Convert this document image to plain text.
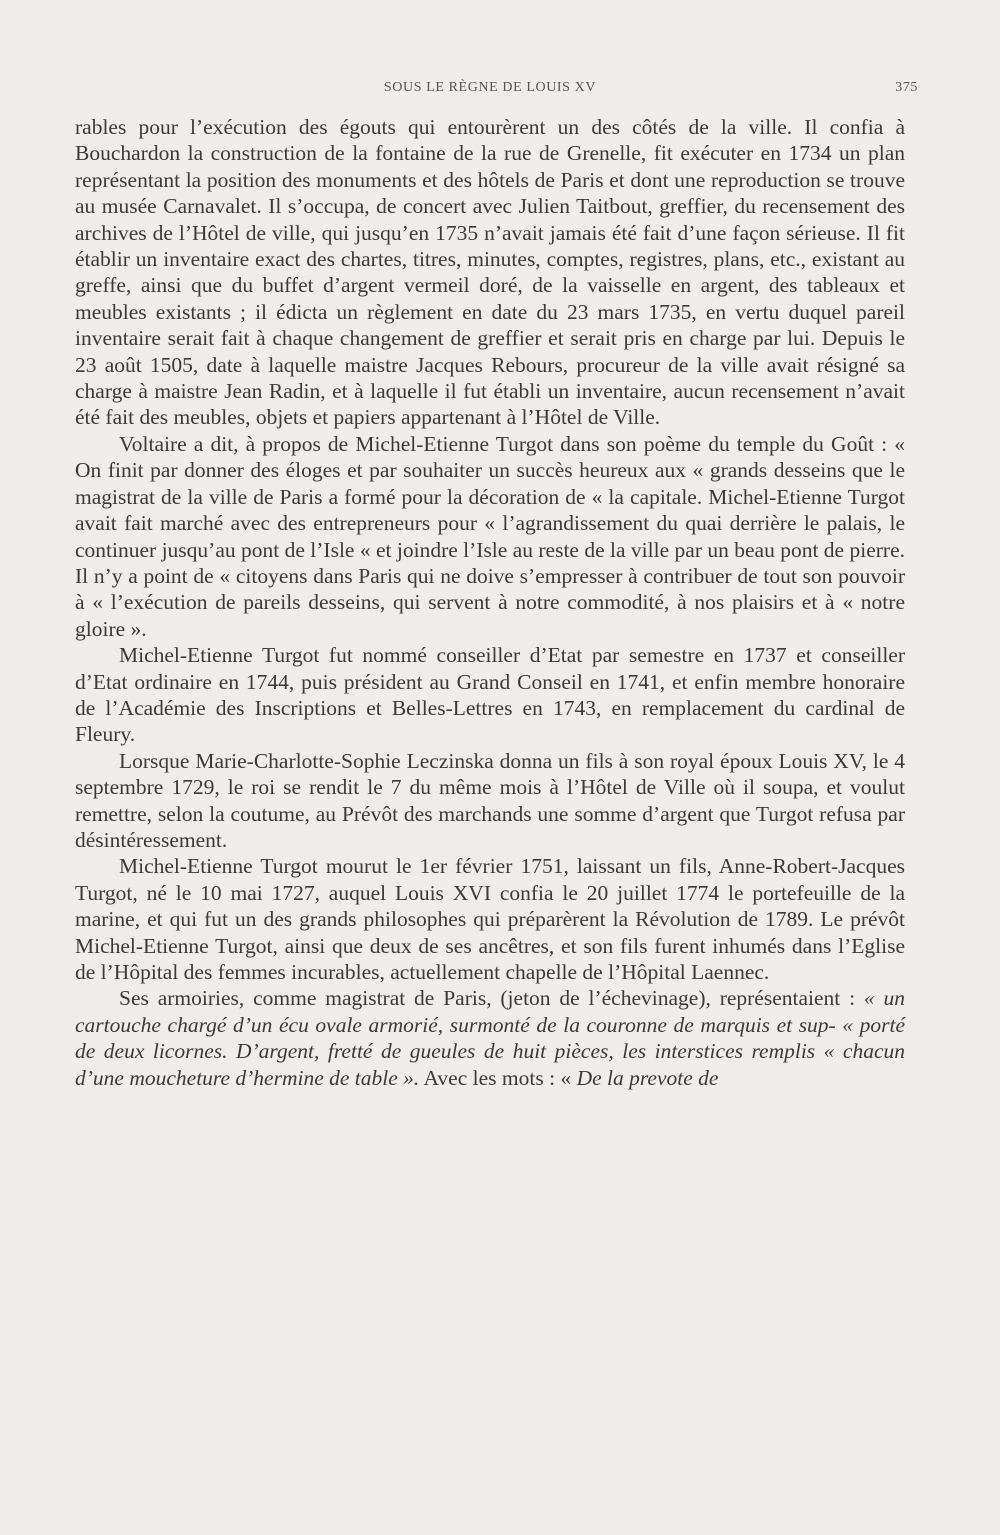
SOUS LE RÈGNE DE LOUIS XV	375

rables pour l’exécution des égouts qui entourèrent un des côtés de la ville. Il confia à Bouchardon la construction de la fontaine de la rue de Grenelle, fit exécuter en 1734 un plan représentant la position des monuments et des hôtels de Paris et dont une reproduction se trouve au musée Carnavalet. Il s’occupa, de concert avec Julien Taitbout, greffier, du recensement des archives de l’Hôtel de ville, qui jusqu’en 1735 n’avait jamais été fait d’une façon sérieuse. Il fit établir un inventaire exact des chartes, titres, minutes, comptes, registres, plans, etc., existant au greffe, ainsi que du buffet d’argent vermeil doré, de la vaisselle en argent, des tableaux et meubles existants ; il édicta un règlement en date du 23 mars 1735, en vertu duquel pareil inventaire serait fait à chaque changement de greffier et serait pris en charge par lui. Depuis le 23 août 1505, date à laquelle maistre Jacques Rebours, procureur de la ville avait résigné sa charge à maistre Jean Radin, et à laquelle il fut établi un inventaire, aucun recensement n’avait été fait des meubles, objets et papiers appartenant à l’Hôtel de Ville.

Voltaire a dit, à propos de Michel-Etienne Turgot dans son poème du temple du Goût : « On finit par donner des éloges et par souhaiter un succès heureux aux « grands desseins que le magistrat de la ville de Paris a formé pour la décoration de « la capitale. Michel-Etienne Turgot avait fait marché avec des entrepreneurs pour « l’agrandissement du quai derrière le palais, le continuer jusqu’au pont de l’Isle « et joindre l’Isle au reste de la ville par un beau pont de pierre. Il n’y a point de « citoyens dans Paris qui ne doive s’empresser à contribuer de tout son pouvoir à « l’exécution de pareils desseins, qui servent à notre commodité, à nos plaisirs et à « notre gloire ».

Michel-Etienne Turgot fut nommé conseiller d’Etat par semestre en 1737 et conseiller d’Etat ordinaire en 1744, puis président au Grand Conseil en 1741, et enfin membre honoraire de l’Académie des Inscriptions et Belles-Lettres en 1743, en remplacement du cardinal de Fleury.

Lorsque Marie-Charlotte-Sophie Leczinska donna un fils à son royal époux Louis XV, le 4 septembre 1729, le roi se rendit le 7 du même mois à l’Hôtel de Ville où il soupa, et voulut remettre, selon la coutume, au Prévôt des marchands une somme d’argent que Turgot refusa par désintéressement.

Michel-Etienne Turgot mourut le 1er février 1751, laissant un fils, Anne-Robert-Jacques Turgot, né le 10 mai 1727, auquel Louis XVI confia le 20 juillet 1774 le portefeuille de la marine, et qui fut un des grands philosophes qui préparèrent la Révolution de 1789. Le prévôt Michel-Etienne Turgot, ainsi que deux de ses ancêtres, et son fils furent inhumés dans l’Eglise de l’Hôpital des femmes incurables, actuellement chapelle de l’Hôpital Laennec.

Ses armoiries, comme magistrat de Paris, (jeton de l’échevinage), représentaient : « un cartouche chargé d’un écu ovale armorié, surmonté de la couronne de marquis et sup- « porté de deux licornes. D’argent, fretté de gueules de huit pièces, les interstices remplis « chacun d’une moucheture d’hermine de table ». Avec les mots : « De la prevote de
